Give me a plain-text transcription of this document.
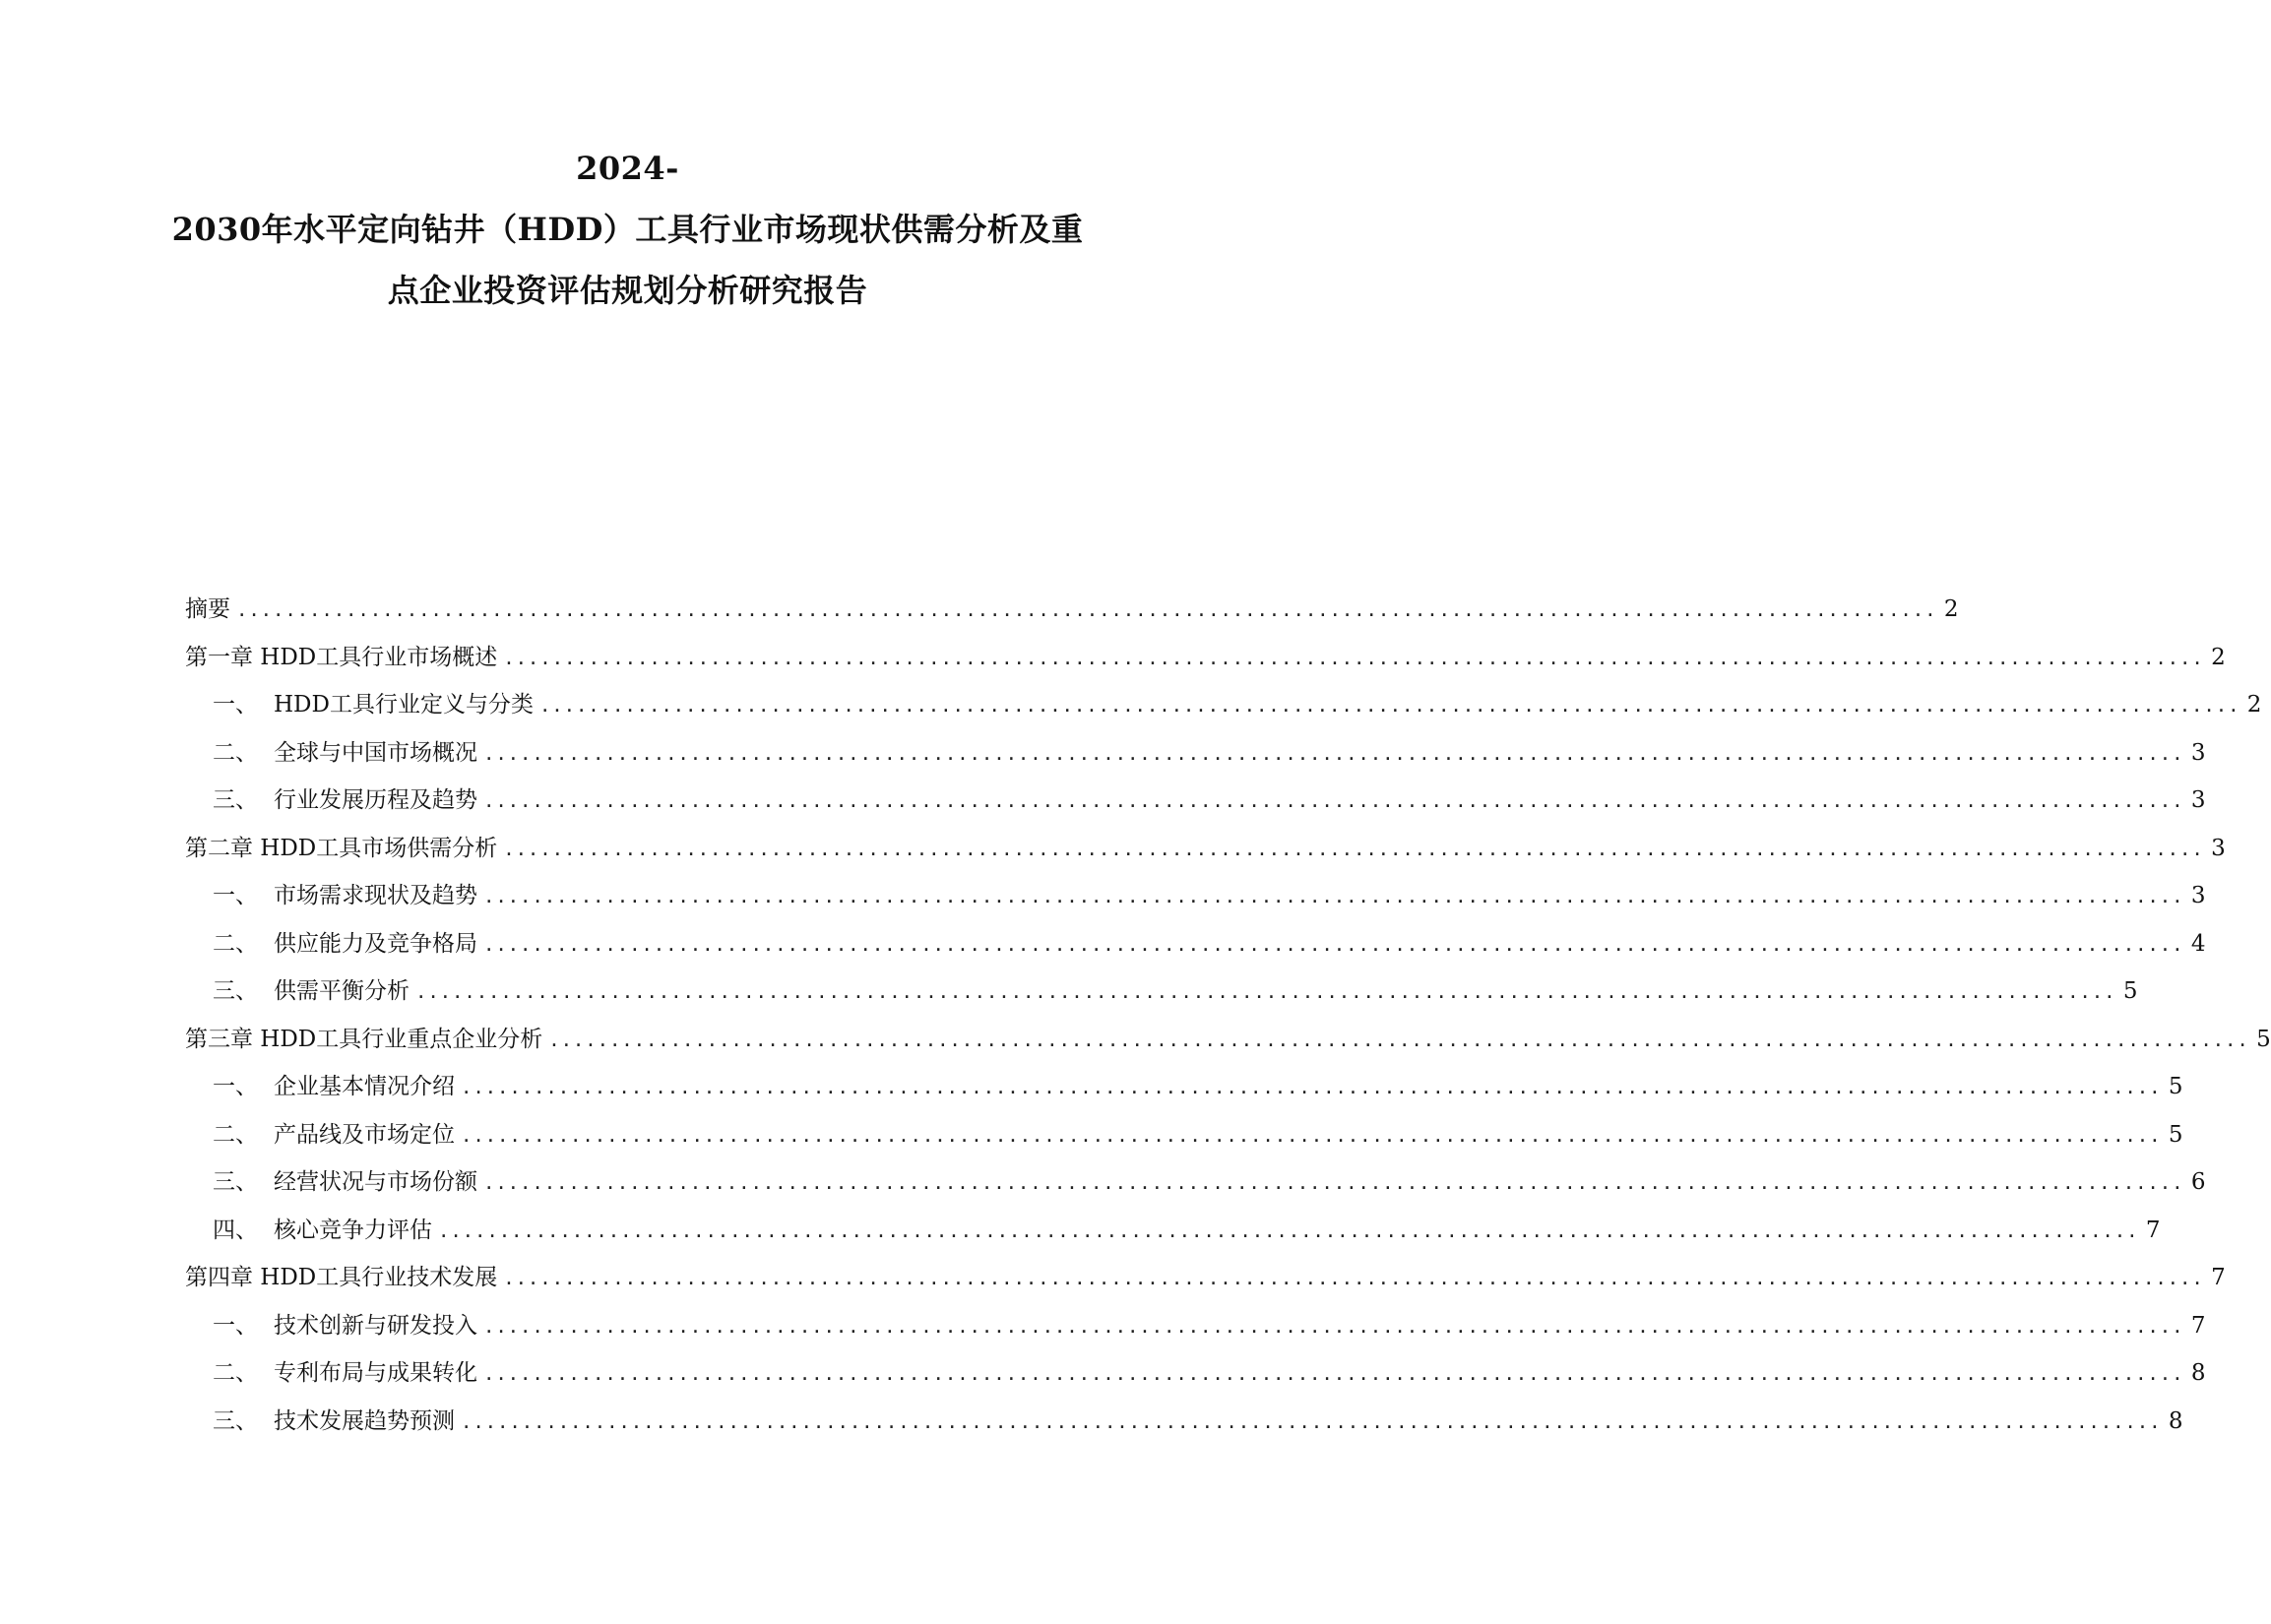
2024-
2030年水平定向钻井（HDD）工具行业市场现状供需分析及重
点企业投资评估规划分析研究报告
摘要 ............................................................................................................................................ 2
第一章 HDD工具行业市场概述 ............................................................................................................................................ 2
一、 HDD工具行业定义与分类 ............................................................................................................................................ 2
二、 全球与中国市场概况 ............................................................................................................................................ 3
三、 行业发展历程及趋势 ............................................................................................................................................ 3
第二章 HDD工具市场供需分析 ............................................................................................................................................ 3
一、 市场需求现状及趋势 ............................................................................................................................................ 3
二、 供应能力及竞争格局 ............................................................................................................................................ 4
三、 供需平衡分析 ............................................................................................................................................ 5
第三章 HDD工具行业重点企业分析 ............................................................................................................................................ 5
一、 企业基本情况介绍 ............................................................................................................................................ 5
二、 产品线及市场定位 ............................................................................................................................................ 5
三、 经营状况与市场份额 ............................................................................................................................................ 6
四、 核心竞争力评估 ............................................................................................................................................ 7
第四章 HDD工具行业技术发展 ............................................................................................................................................ 7
一、 技术创新与研发投入 ............................................................................................................................................ 7
二、 专利布局与成果转化 ............................................................................................................................................ 8
三、 技术发展趋势预测 ............................................................................................................................................ 8
